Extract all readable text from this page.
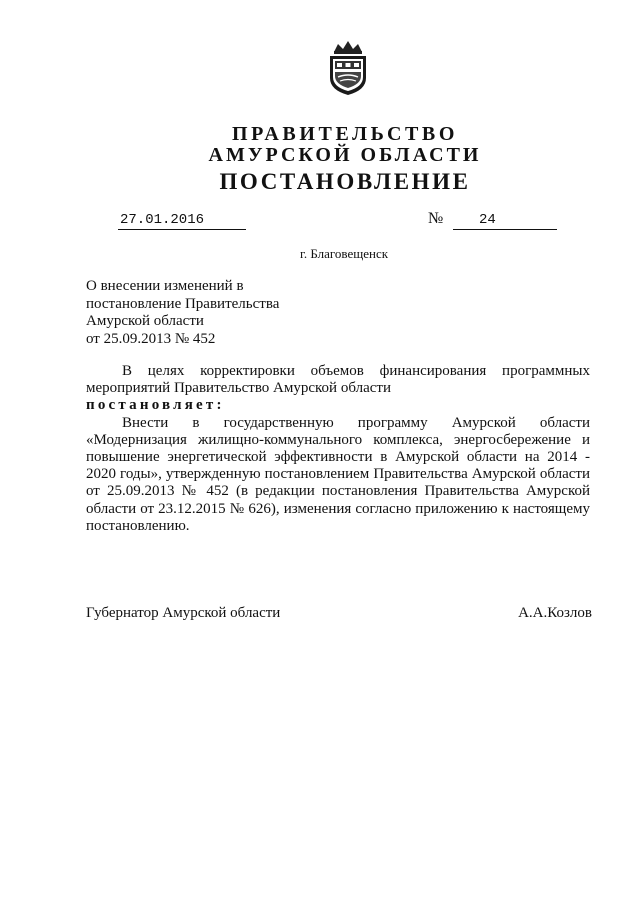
ПРАВИТЕЛЬСТВО
АМУРСКОЙ ОБЛАСТИ
ПОСТАНОВЛЕНИЕ
27.01.2016	№	24
г. Благовещенск
О внесении изменений в
постановление Правительства
Амурской области
от 25.09.2013 № 452

В целях корректировки объемов финансирования программных мероприятий Правительство Амурской области

постановляет:

Внести в государственную программу Амурской области «Модернизация жилищно-коммунального комплекса, энергосбережение и повышение энергетической эффективности в Амурской области на 2014 - 2020 годы», утвержденную постановлением Правительства Амурской области от 25.09.2013 № 452 (в редакции постановления Правительства Амурской области от 23.12.2015 № 626), изменения согласно приложению к настоящему постановлению.

Губернатор Амурской области	А.А.Козлов
